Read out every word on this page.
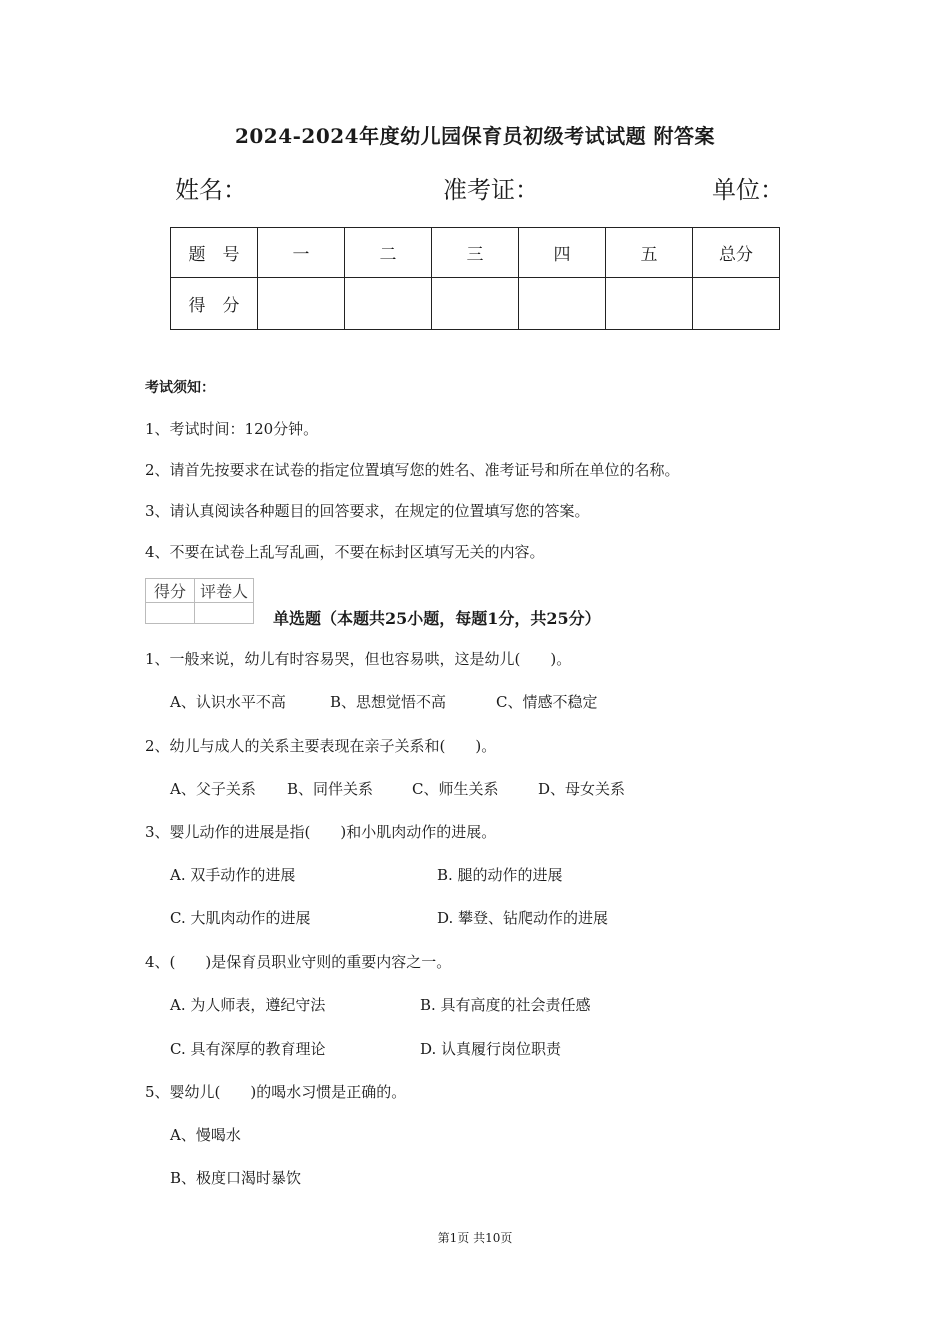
2024-2024年度幼儿园保育员初级考试试题 附答案
姓名：	准考证：	单位：
题　号	一	二	三	四	五	总分
得　分						
考试须知：
1、考试时间：120分钟。
2、请首先按要求在试卷的指定位置填写您的姓名、准考证号和所在单位的名称。
3、请认真阅读各种题目的回答要求，在规定的位置填写您的答案。
4、不要在试卷上乱写乱画，不要在标封区填写无关的内容。
得分	评卷人

单选题（本题共25小题，每题1分，共25分）
1、一般来说，幼儿有时容易哭，但也容易哄，这是幼儿(　　)。
A、认识水平不高	B、思想觉悟不高	C、情感不稳定
2、幼儿与成人的关系主要表现在亲子关系和(　　)。
A、父子关系 B、同伴关系	C、师生关系	D、母女关系
3、婴儿动作的进展是指(　　)和小肌肉动作的进展。
A. 双手动作的进展	B. 腿的动作的进展
C. 大肌肉动作的进展	D. 攀登、钻爬动作的进展
4、(　　)是保育员职业守则的重要内容之一。
A. 为人师表，遵纪守法	B. 具有高度的社会责任感
C. 具有深厚的教育理论	D. 认真履行岗位职责
5、婴幼儿(　　)的喝水习惯是正确的。
A、慢喝水
B、极度口渴时暴饮
第1页 共10页
